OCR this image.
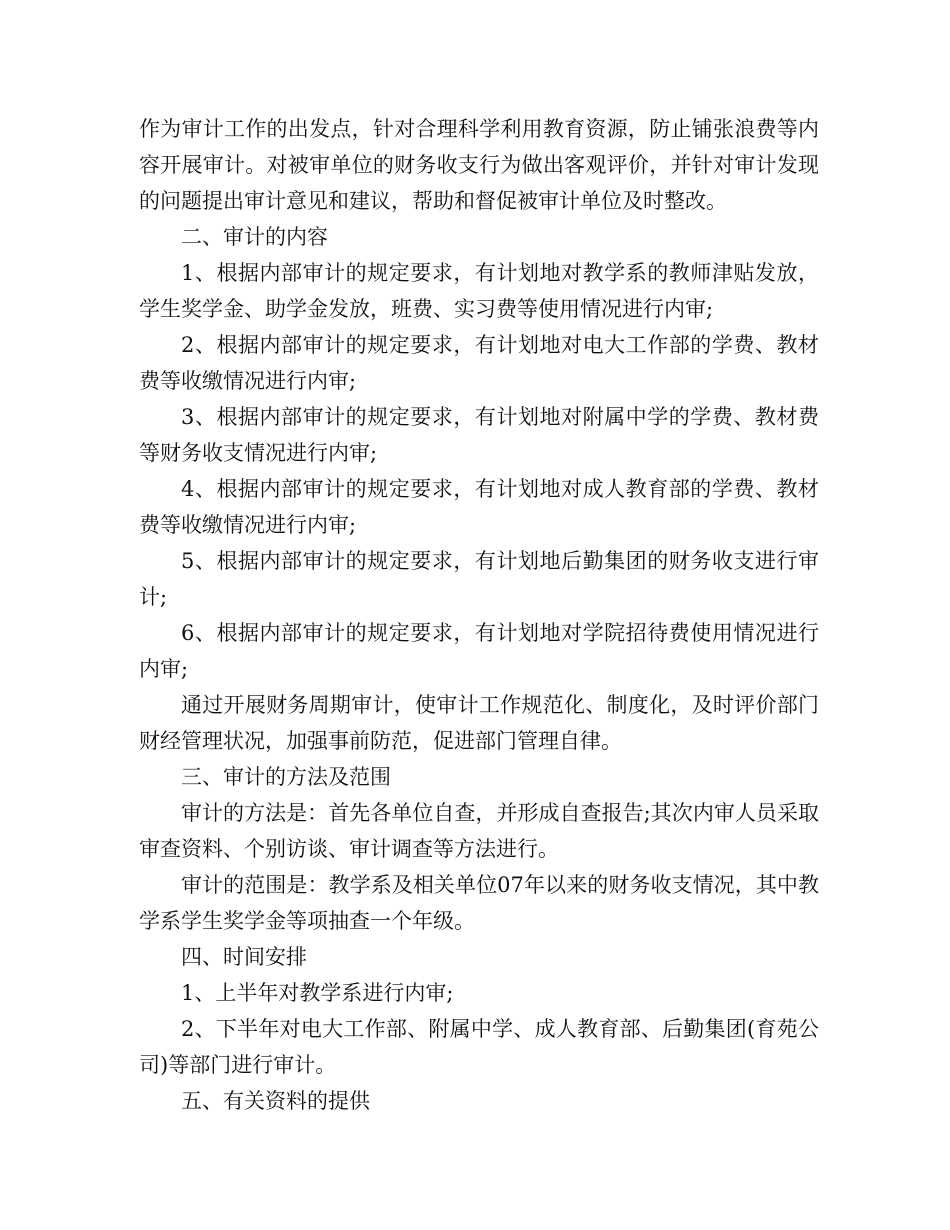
作为审计工作的出发点，针对合理科学利用教育资源，防止铺张浪费等内容开展审计。对被审单位的财务收支行为做出客观评价，并针对审计发现的问题提出审计意见和建议，帮助和督促被审计单位及时整改。

二、审计的内容

1、根据内部审计的规定要求，有计划地对教学系的教师津贴发放，学生奖学金、助学金发放，班费、实习费等使用情况进行内审;

2、根据内部审计的规定要求，有计划地对电大工作部的学费、教材费等收缴情况进行内审;

3、根据内部审计的规定要求，有计划地对附属中学的学费、教材费等财务收支情况进行内审;

4、根据内部审计的规定要求，有计划地对成人教育部的学费、教材费等收缴情况进行内审;

5、根据内部审计的规定要求，有计划地后勤集团的财务收支进行审计;

6、根据内部审计的规定要求，有计划地对学院招待费使用情况进行内审;

通过开展财务周期审计，使审计工作规范化、制度化，及时评价部门财经管理状况，加强事前防范，促进部门管理自律。

三、审计的方法及范围

审计的方法是：首先各单位自查，并形成自查报告;其次内审人员采取审查资料、个别访谈、审计调查等方法进行。

审计的范围是：教学系及相关单位07年以来的财务收支情况，其中教学系学生奖学金等项抽查一个年级。

四、时间安排

1、上半年对教学系进行内审;

2、下半年对电大工作部、附属中学、成人教育部、后勤集团(育苑公司)等部门进行审计。

五、有关资料的提供
